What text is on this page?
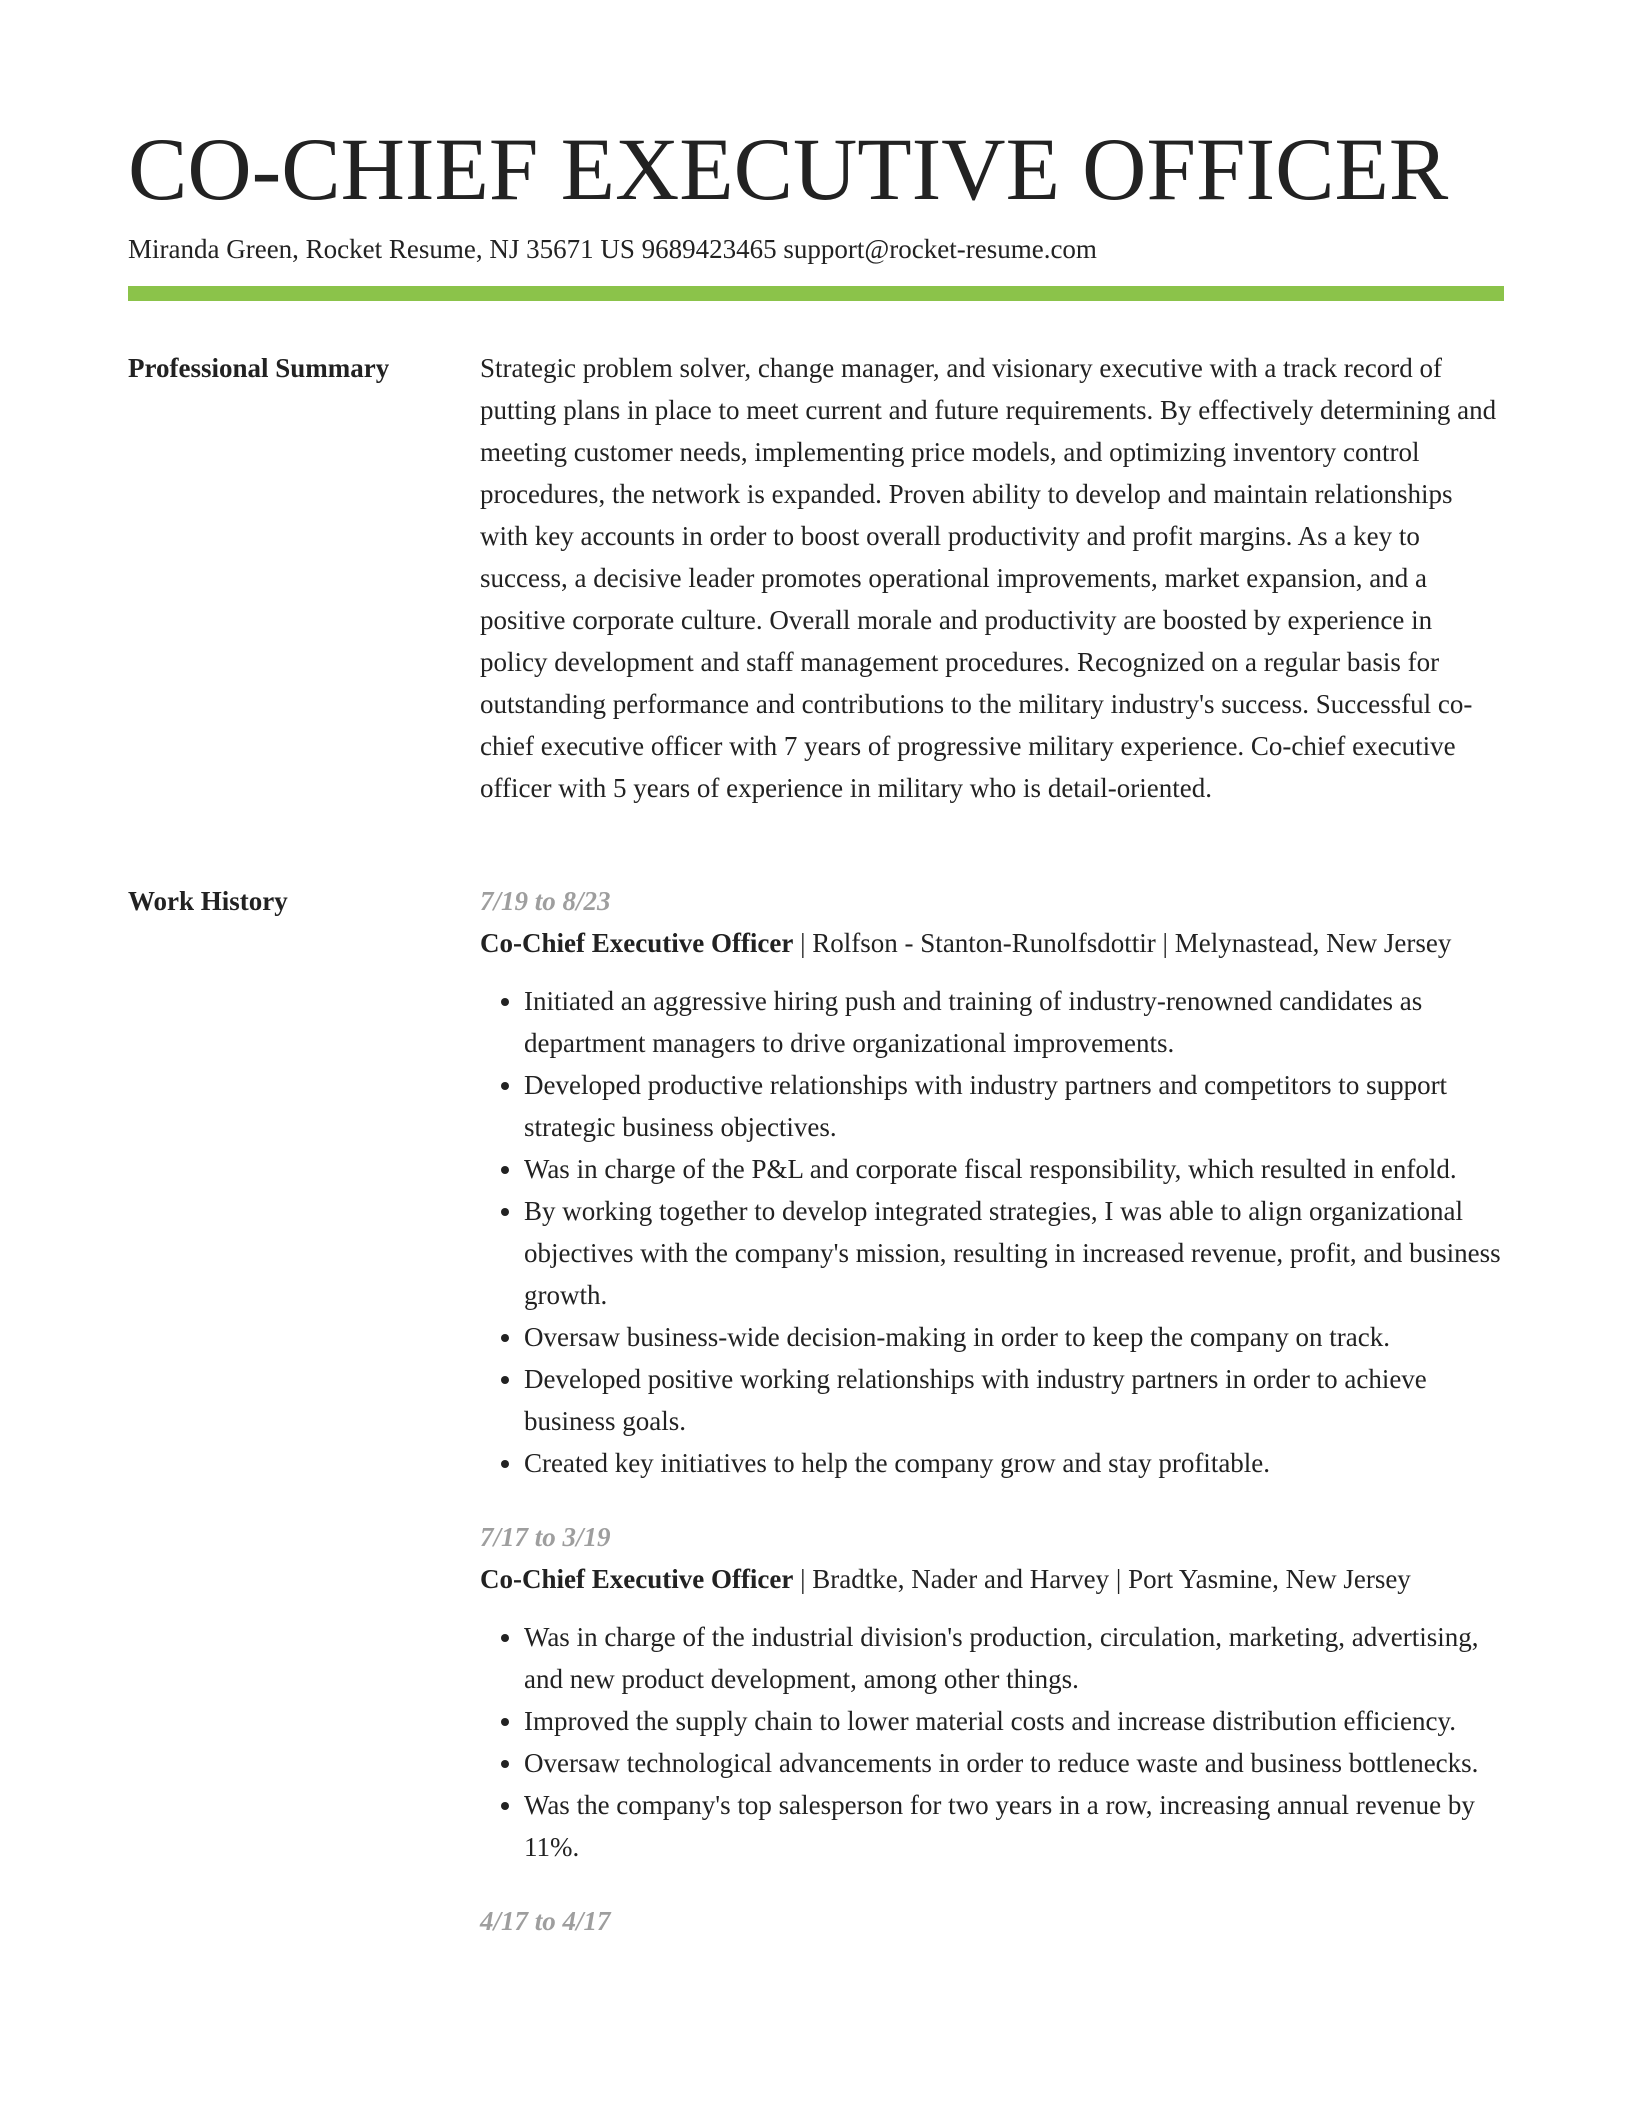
CO-CHIEF EXECUTIVE OFFICER
Miranda Green, Rocket Resume, NJ 35671 US 9689423465 support@rocket-resume.com
Professional Summary	Strategic problem solver, change manager, and visionary executive with a track record of putting plans in place to meet current and future requirements. By effectively determining and meeting customer needs, implementing price models, and optimizing inventory control procedures, the network is expanded. Proven ability to develop and maintain relationships with key accounts in order to boost overall productivity and profit margins. As a key to success, a decisive leader promotes operational improvements, market expansion, and a positive corporate culture. Overall morale and productivity are boosted by experience in policy development and staff management procedures. Recognized on a regular basis for outstanding performance and contributions to the military industry's success. Successful co-chief executive officer with 7 years of progressive military experience. Co-chief executive officer with 5 years of experience in military who is detail-oriented.

Work History	7/19 to 8/23
Co-Chief Executive Officer | Rolfson - Stanton-Runolfsdottir | Melynastead, New Jersey
• Initiated an aggressive hiring push and training of industry-renowned candidates as department managers to drive organizational improvements.
• Developed productive relationships with industry partners and competitors to support strategic business objectives.
• Was in charge of the P&L and corporate fiscal responsibility, which resulted in enfold.
• By working together to develop integrated strategies, I was able to align organizational objectives with the company's mission, resulting in increased revenue, profit, and business growth.
• Oversaw business-wide decision-making in order to keep the company on track.
• Developed positive working relationships with industry partners in order to achieve business goals.
• Created key initiatives to help the company grow and stay profitable.
7/17 to 3/19
Co-Chief Executive Officer | Bradtke, Nader and Harvey | Port Yasmine, New Jersey
• Was in charge of the industrial division's production, circulation, marketing, advertising, and new product development, among other things.
• Improved the supply chain to lower material costs and increase distribution efficiency.
• Oversaw technological advancements in order to reduce waste and business bottlenecks.
• Was the company's top salesperson for two years in a row, increasing annual revenue by 11%.
4/17 to 4/17
